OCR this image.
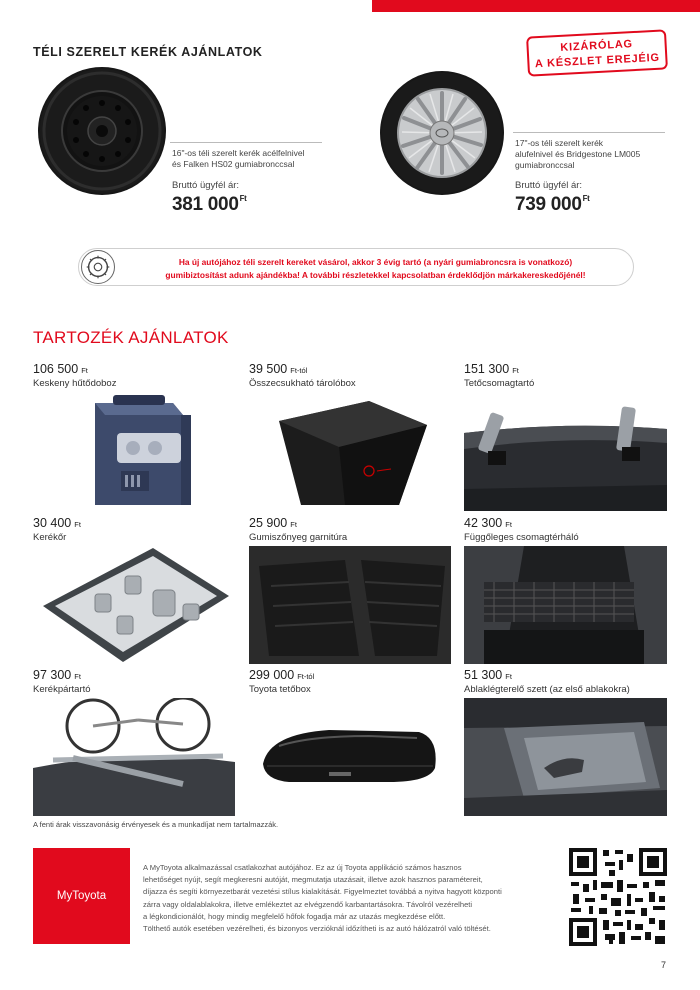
TÉLI SZERELT KERÉK AJÁNLATOK	KIZÁRÓLAG
A KÉSZLET EREJÉIG
16"-os téli szerelt kerék acélfelnivel
és Falken HS02 gumiabronccsal
Bruttó ügyfél ár:
381 $000^{Ft}$
17"-os téli szerelt kerék
alufelnivel és Bridgestone LM005
gumiabronccsal
Bruttó ügyfél ár:
739 $000^{Ft}$
Ha új autójához téli szerelt kereket vásárol, akkor 3 évig tartó (a nyári gumiabroncsra is vonatkozó)
gumibiztosítást adunk ajándékba! A további részletekkel kapcsolatban érdeklődjön márkakereskedőjénél!
TARTOZÉK AJÁNLATOK
106 500 Ft
Keskeny hűtődoboz
39 500 Ft-tól
Összecsukható tárolóbox
151 300 Ft
Tetőcsomagtartó
30 400 Ft
Kerékőr
25 900 Ft
Gumiszőnyeg garnitúra
42 300 Ft
Függőleges csomagtérháló
97 300 Ft
Kerékpártartó
299 000 Ft-tól
Toyota tetőbox
51 300 Ft
Ablaklégterelő szett (az első ablakokra)
A fenti árak visszavonásig érvényesek és a munkadíjat nem tartalmazzák.
MyToyota
A MyToyota alkalmazással csatlakozhat autójához. Ez az új Toyota applikáció számos hasznos
lehetőséget nyújt, segít megkeresni autóját, megmutatja utazásait, illetve azok hasznos paramétereit,
díjazza és segíti környezetbarát vezetési stílus kialakítását. Figyelmeztet továbbá a nyitva hagyott központi
zárra vagy oldalablakokra, illetve emlékeztet az elvégzendő karbantartásokra. Távolról vezérelheti
a légkondicionálót, hogy mindig megfelelő hőfok fogadja már az utazás megkezdése előtt.
Tölthető autók esetében vezérelheti, és bizonyos verzióknál időzítheti is az autó hálózatról való töltését.
7
